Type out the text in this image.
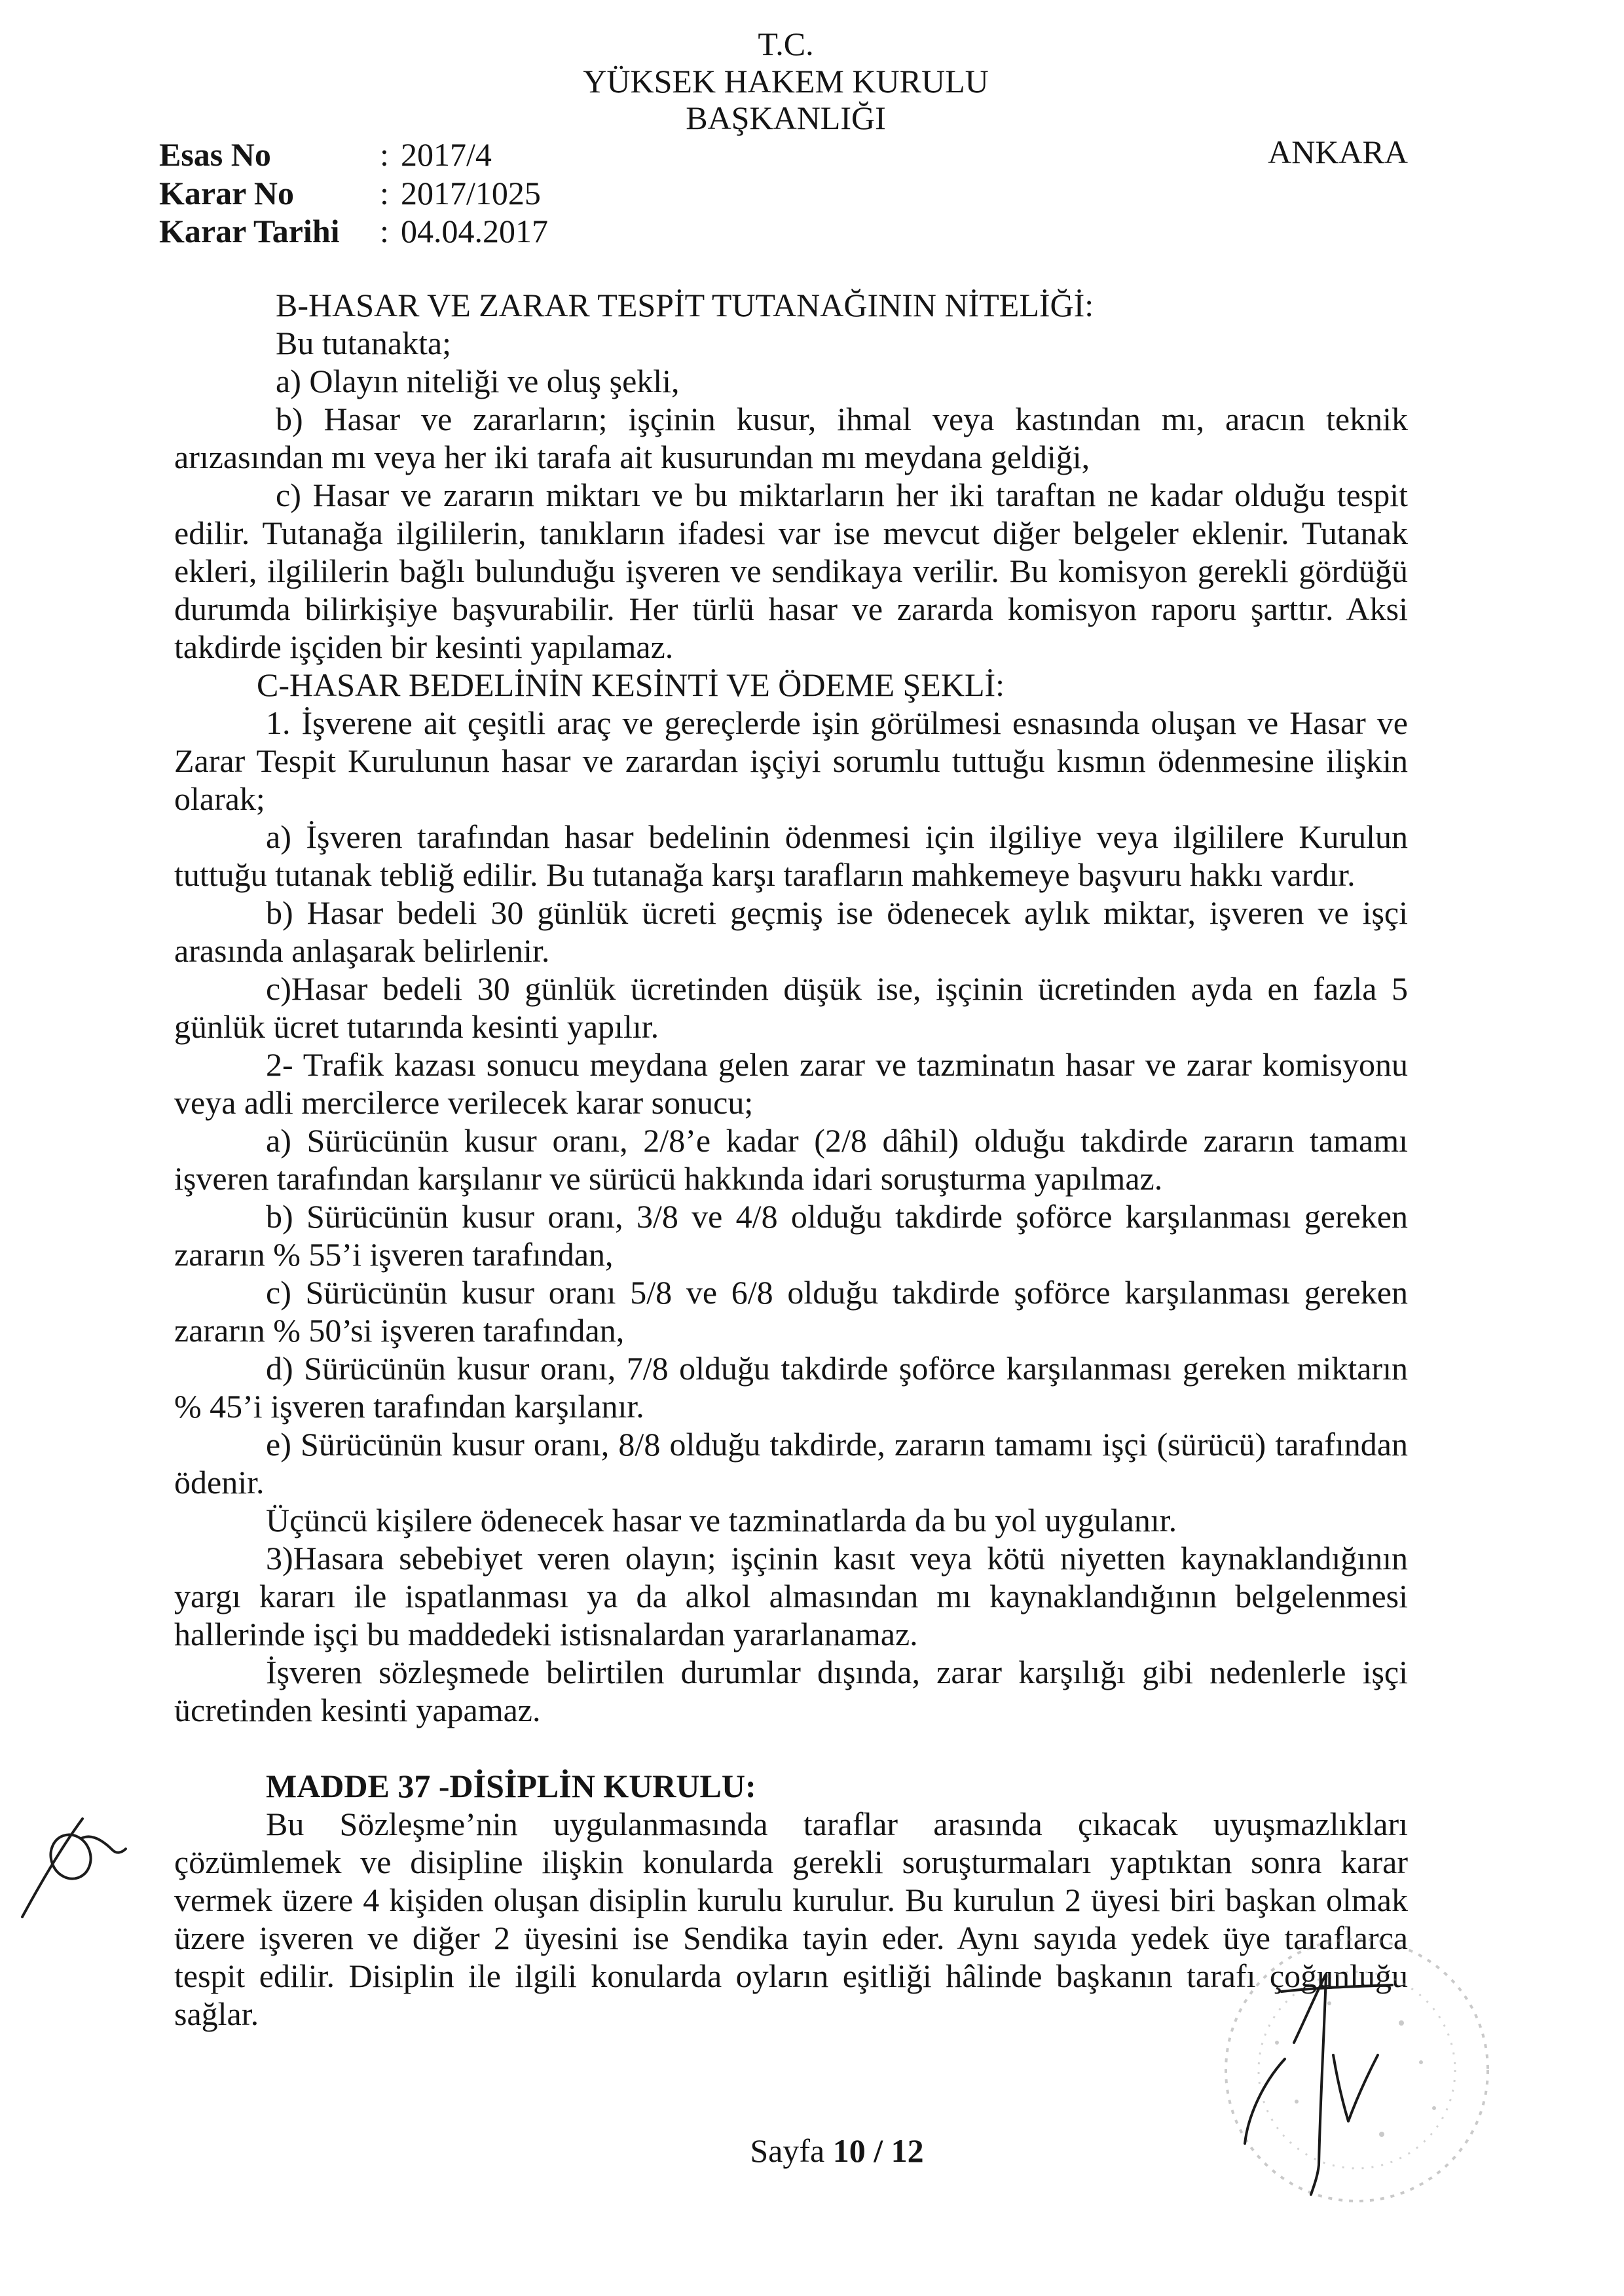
T.C.
YÜKSEK HAKEM KURULU
BAŞKANLIĞI
Esas No	: 2017/4
Karar No	: 2017/1025
Karar Tarihi : 04.04.2017
ANKARA
B-HASAR VE ZARAR TESPİT TUTANAĞININ NİTELİĞİ:
Bu tutanakta;
a) Olayın niteliği ve oluş şekli,
b) Hasar ve zararların; işçinin kusur, ihmal veya kastından mı, aracın teknik
arızasından mı veya her iki tarafa ait kusurundan mı meydana geldiği,
c) Hasar ve zararın miktarı ve bu miktarların her iki taraftan ne kadar olduğu tespit
edilir. Tutanağa ilgililerin, tanıkların ifadesi var ise mevcut diğer belgeler eklenir. Tutanak
ekleri, ilgililerin bağlı bulunduğu işveren ve sendikaya verilir. Bu komisyon gerekli gördüğü
durumda bilirkişiye başvurabilir. Her türlü hasar ve zararda komisyon raporu şarttır. Aksi
takdirde işçiden bir kesinti yapılamaz.
C-HASAR BEDELİNİN KESİNTİ VE ÖDEME ŞEKLİ:
1. İşverene ait çeşitli araç ve gereçlerde işin görülmesi esnasında oluşan ve Hasar ve
Zarar Tespit Kurulunun hasar ve zarardan işçiyi sorumlu tuttuğu kısmın ödenmesine ilişkin
olarak;
a) İşveren tarafından hasar bedelinin ödenmesi için ilgiliye veya ilgililere Kurulun
tuttuğu tutanak tebliğ edilir. Bu tutanağa karşı tarafların mahkemeye başvuru hakkı vardır.
b) Hasar bedeli 30 günlük ücreti geçmiş ise ödenecek aylık miktar, işveren ve işçi
arasında anlaşarak belirlenir.
c)Hasar bedeli 30 günlük ücretinden düşük ise, işçinin ücretinden ayda en fazla 5
günlük ücret tutarında kesinti yapılır.
2- Trafik kazası sonucu meydana gelen zarar ve tazminatın hasar ve zarar komisyonu
veya adli mercilerce verilecek karar sonucu;
a) Sürücünün kusur oranı, 2/8’e kadar (2/8 dâhil) olduğu takdirde zararın tamamı
işveren tarafından karşılanır ve sürücü hakkında idari soruşturma yapılmaz.
b) Sürücünün kusur oranı, 3/8 ve 4/8 olduğu takdirde şoförce karşılanması gereken
zararın % 55’i işveren tarafından,
c) Sürücünün kusur oranı 5/8 ve 6/8 olduğu takdirde şoförce karşılanması gereken
zararın % 50’si işveren tarafından,
d) Sürücünün kusur oranı, 7/8 olduğu takdirde şoförce karşılanması gereken miktarın
% 45’i işveren tarafından karşılanır.
e) Sürücünün kusur oranı, 8/8 olduğu takdirde, zararın tamamı işçi (sürücü) tarafından
ödenir.
Üçüncü kişilere ödenecek hasar ve tazminatlarda da bu yol uygulanır.
3)Hasara sebebiyet veren olayın; işçinin kasıt veya kötü niyetten kaynaklandığının
yargı kararı ile ispatlanması ya da alkol almasından mı kaynaklandığının belgelenmesi
hallerinde işçi bu maddedeki istisnalardan yararlanamaz.
İşveren sözleşmede belirtilen durumlar dışında, zarar karşılığı gibi nedenlerle işçi
ücretinden kesinti yapamaz.
MADDE 37 -DİSİPLİN KURULU:
Bu Sözleşme’nin uygulanmasında taraflar arasında çıkacak uyuşmazlıkları
çözümlemek ve disipline ilişkin konularda gerekli soruşturmaları yaptıktan sonra karar
vermek üzere 4 kişiden oluşan disiplin kurulu kurulur. Bu kurulun 2 üyesi biri başkan olmak
üzere işveren ve diğer 2 üyesini ise Sendika tayin eder. Aynı sayıda yedek üye taraflarca
tespit edilir. Disiplin ile ilgili konularda oyların eşitliği hâlinde başkanın tarafı çoğunluğu
sağlar.
Sayfa 10 / 12
